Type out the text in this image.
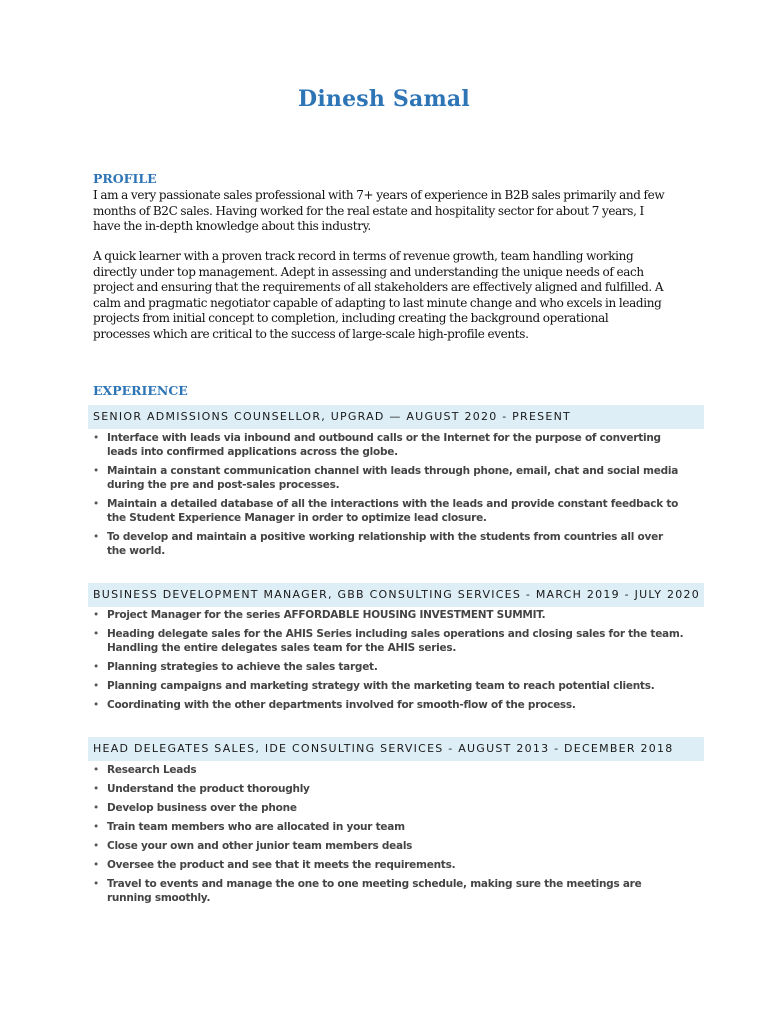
Dinesh Samal
PROFILE
I am a very passionate sales professional with 7+ years of experience in B2B sales primarily and few
months of B2C sales. Having worked for the real estate and hospitality sector for about 7 years, I
have the in-depth knowledge about this industry.
A quick learner with a proven track record in terms of revenue growth, team handling working
directly under top management. Adept in assessing and understanding the unique needs of each
project and ensuring that the requirements of all stakeholders are effectively aligned and fulfilled. A
calm and pragmatic negotiator capable of adapting to last minute change and who excels in leading
projects from initial concept to completion, including creating the background operational
processes which are critical to the success of large-scale high-profile events.
EXPERIENCE
SENIOR ADMISSIONS COUNSELLOR, UPGRAD — AUGUST 2020 - PRESENT
• Interface with leads via inbound and outbound calls or the Internet for the purpose of converting
leads into confirmed applications across the globe.
• Maintain a constant communication channel with leads through phone, email, chat and social media
during the pre and post-sales processes.
• Maintain a detailed database of all the interactions with the leads and provide constant feedback to
the Student Experience Manager in order to optimize lead closure.
• To develop and maintain a positive working relationship with the students from countries all over
the world.
BUSINESS DEVELOPMENT MANAGER, GBB CONSULTING SERVICES - MARCH 2019 - JULY 2020
• Project Manager for the series AFFORDABLE HOUSING INVESTMENT SUMMIT.
• Heading delegate sales for the AHIS Series including sales operations and closing sales for the team.
Handling the entire delegates sales team for the AHIS series.
• Planning strategies to achieve the sales target.
• Planning campaigns and marketing strategy with the marketing team to reach potential clients.
• Coordinating with the other departments involved for smooth-flow of the process.
HEAD DELEGATES SALES, IDE CONSULTING SERVICES - AUGUST 2013 - DECEMBER 2018
• Research Leads
• Understand the product thoroughly
• Develop business over the phone
• Train team members who are allocated in your team
• Close your own and other junior team members deals
• Oversee the product and see that it meets the requirements.
• Travel to events and manage the one to one meeting schedule, making sure the meetings are
running smoothly.
